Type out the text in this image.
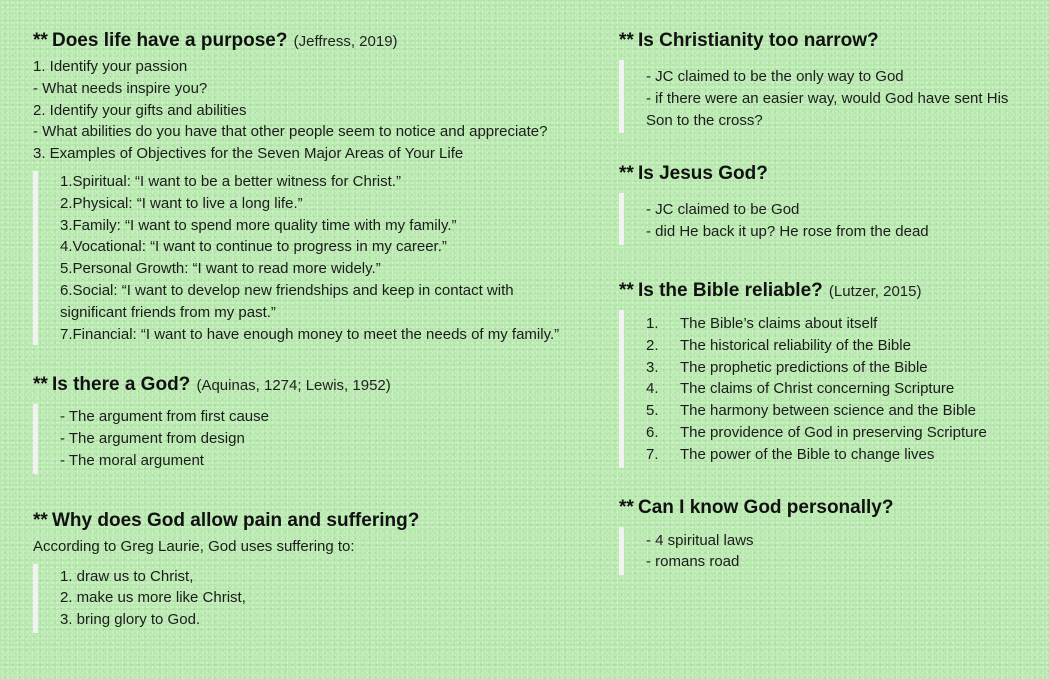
** Does life have a purpose? (Jeffress, 2019)
1. Identify your passion
- What needs inspire you?
2. Identify your gifts and abilities
- What abilities do you have that other people seem to notice and appreciate?
3. Examples of Objectives for the Seven Major Areas of Your Life
1.Spiritual: “I want to be a better witness for Christ.”
2.Physical: “I want to live a long life.”
3.Family: “I want to spend more quality time with my family.”
4.Vocational: “I want to continue to progress in my career.”
5.Personal Growth: “I want to read more widely.”
6.Social: “I want to develop new friendships and keep in contact with significant friends from my past.”
7.Financial: “I want to have enough money to meet the needs of my family.”
** Is there a God? (Aquinas, 1274; Lewis, 1952)
- The argument from first cause
- The argument from design
- The moral argument
** Why does God allow pain and suffering?
According to Greg Laurie, God uses suffering to:
1. draw us to Christ,
2. make us more like Christ,
3. bring glory to God.
** Is Christianity too narrow?
- JC claimed to be the only way to God
- if there were an easier way, would God have sent His Son to the cross?
** Is Jesus God?
- JC claimed to be God
- did He back it up? He rose from the dead
** Is the Bible reliable? (Lutzer, 2015)
1.	The Bible’s claims about itself
2.	The historical reliability of the Bible
3.	The prophetic predictions of the Bible
4.	The claims of Christ concerning Scripture
5.	The harmony between science and the Bible
6.	The providence of God in preserving Scripture
7.	The power of the Bible to change lives
** Can I know God personally?
- 4 spiritual laws
- romans road
